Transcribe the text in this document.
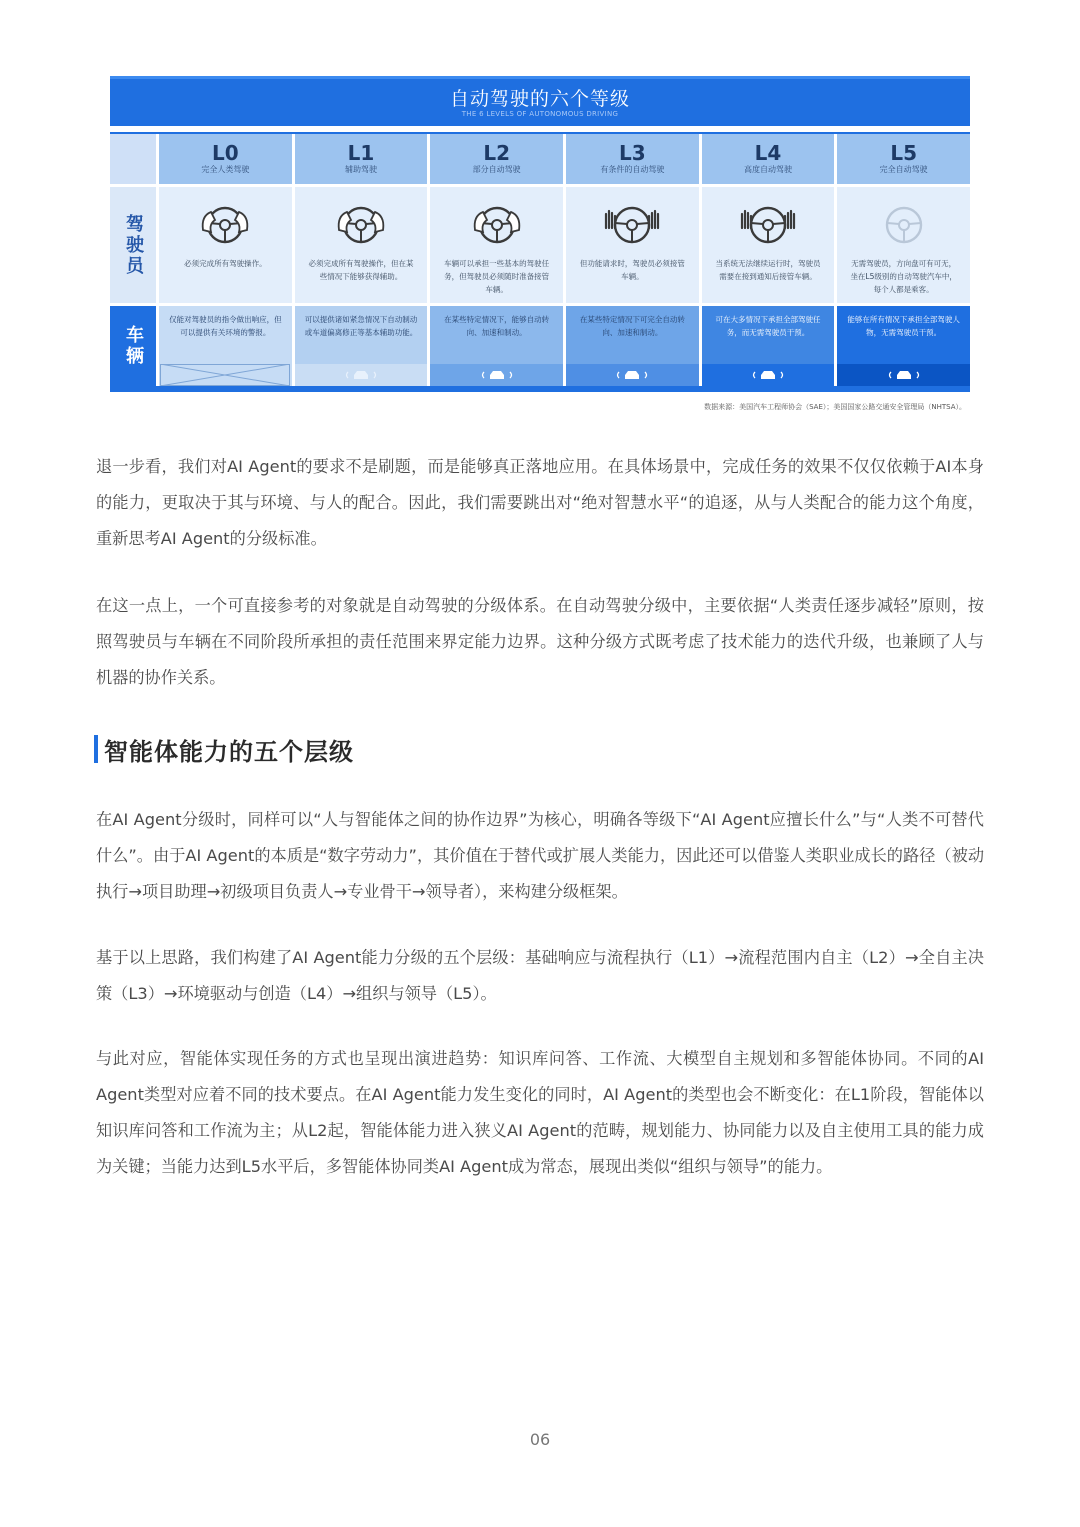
自动驾驶的六个等级
THE 6 LEVELS OF AUTONOMOUS DRIVING
L0
完全人类驾驶
L1
辅助驾驶
L2
部分自动驾驶
L3
有条件的自动驾驶
L4
高度自动驾驶
L5
完全自动驾驶
驾驶员	必须完成所有驾驶操作。	必须完成所有驾驶操作，但在某些情况下能够获得辅助。
车辆可以承担一些基本的驾驶任务，但驾驶员必须随时准备接管车辆。
但功能请求时，驾驶员必须接管车辆。
当系统无法继续运行时，驾驶员需要在接到通知后接管车辆。
无需驾驶员，方向盘可有可无，坐在L5级别的自动驾驶汽车中，每个人都是乘客。
车辆
仅能对驾驶员的指令做出响应，但可以提供有关环境的警报。
可以提供诸如紧急情况下自动制动或车道偏离修正等基本辅助功能。
在某些特定情况下，能够自动转向、加速和制动。
在某些特定情况下可完全自动转向、加速和制动。
可在大多情况下承担全部驾驶任务，而无需驾驶员干预。
能够在所有情况下承担全部驾驶人物，无需驾驶员干预。
数据来源：美国汽车工程师协会（SAE）；美国国家公路交通安全管理局（NHTSA）。

退一步看，我们对AI Agent的要求不是刷题，而是能够真正落地应用。在具体场景中，完成任务的效果不仅仅依赖于AI本身的能力，更取决于其与环境、与人的配合。因此，我们需要跳出对“绝对智慧水平“的追逐，从与人类配合的能力这个角度，重新思考AI Agent的分级标准。

在这一点上，一个可直接参考的对象就是自动驾驶的分级体系。在自动驾驶分级中，主要依据“人类责任逐步减轻”原则，按照驾驶员与车辆在不同阶段所承担的责任范围来界定能力边界。这种分级方式既考虑了技术能力的迭代升级，也兼顾了人与机器的协作关系。

智能体能力的五个层级

在AI Agent分级时，同样可以“人与智能体之间的协作边界”为核心，明确各等级下“AI Agent应擅长什么”与“人类不可替代什么”。由于AI Agent的本质是“数字劳动力”，其价值在于替代或扩展人类能力，因此还可以借鉴人类职业成长的路径（被动执行→项目助理→初级项目负责人→专业骨干→领导者），来构建分级框架。

基于以上思路，我们构建了AI Agent能力分级的五个层级：基础响应与流程执行（L1）→流程范围内自主（L2）→全自主决策（L3）→环境驱动与创造（L4）→组织与领导（L5）。

与此对应，智能体实现任务的方式也呈现出演进趋势：知识库问答、工作流、大模型自主规划和多智能体协同。不同的AI Agent类型对应着不同的技术要点。在AI Agent能力发生变化的同时，AI Agent的类型也会不断变化：在L1阶段，智能体以知识库问答和工作流为主；从L2起，智能体能力进入狭义AI Agent的范畴，规划能力、协同能力以及自主使用工具的能力成为关键；当能力达到L5水平后，多智能体协同类AI Agent成为常态，展现出类似“组织与领导”的能力。

06
